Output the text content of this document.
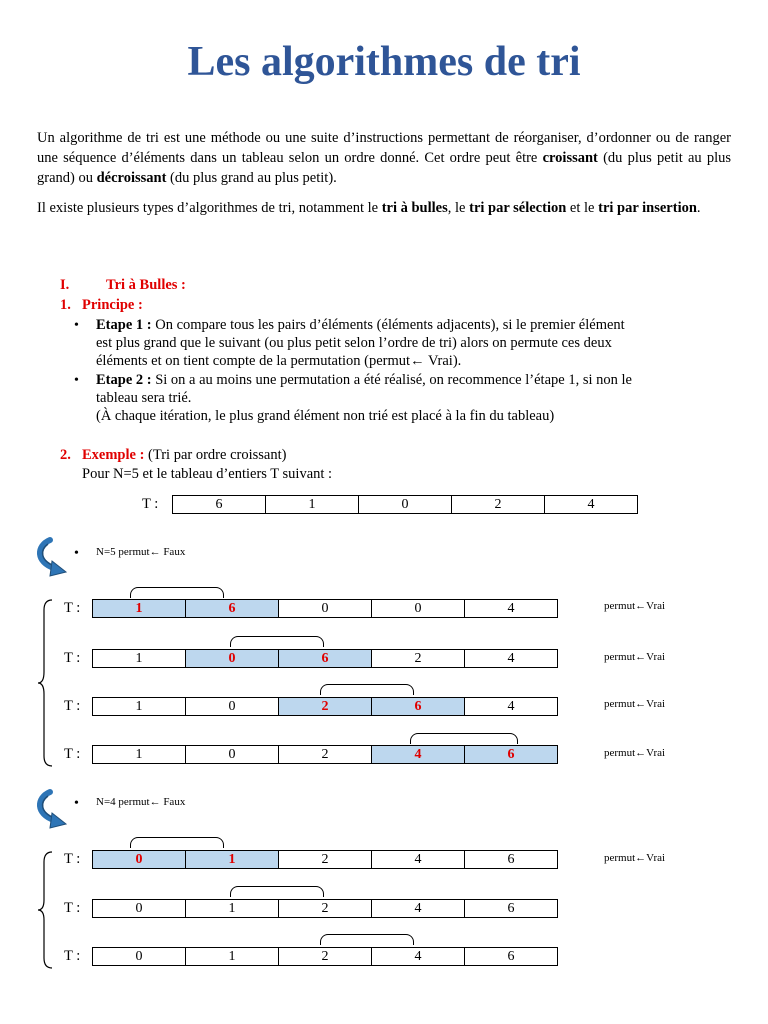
Les algorithmes de tri

Un algorithme de tri est une méthode ou une suite d’instructions permettant de réorganiser, d’ordonner ou de ranger une séquence d’éléments dans un tableau selon un ordre donné. Cet ordre peut être croissant (du plus petit au plus grand) ou décroissant (du plus grand au plus petit).

Il existe plusieurs types d’algorithmes de tri, notamment le tri à bulles, le tri par sélection et le tri par insertion.

I.	Tri à Bulles :
1. Principe :
• Etape 1 : On compare tous les pairs d’éléments (éléments adjacents), si le premier élément
est plus grand que le suivant (ou plus petit selon l’ordre de tri) alors on permute ces deux
éléments et on tient compte de la permutation (permut← Vrai).
• Etape 2 : Si on a au moins une permutation a été réalisé, on recommence l’étape 1, si non le
tableau sera trié.
(À chaque itération, le plus grand élément non trié est placé à la fin du tableau)
2. Exemple : (Tri par ordre croissant)
Pour N=5 et le tableau d’entiers T suivant :
T :	6	1	0	2	4
• N=5 permut← Faux
T :	1	6	0	0	4	permut←Vrai
T :	1	0	6	2	4	permut←Vrai
T :	1	0	2	6	4	permut←Vrai
T :	1	0	2	4	6	permut←Vrai
• N=4 permut← Faux
T :	0	1	2	4	6	permut←Vrai
T :	0	1	2	4	6
T :	0	1	2	4	6
